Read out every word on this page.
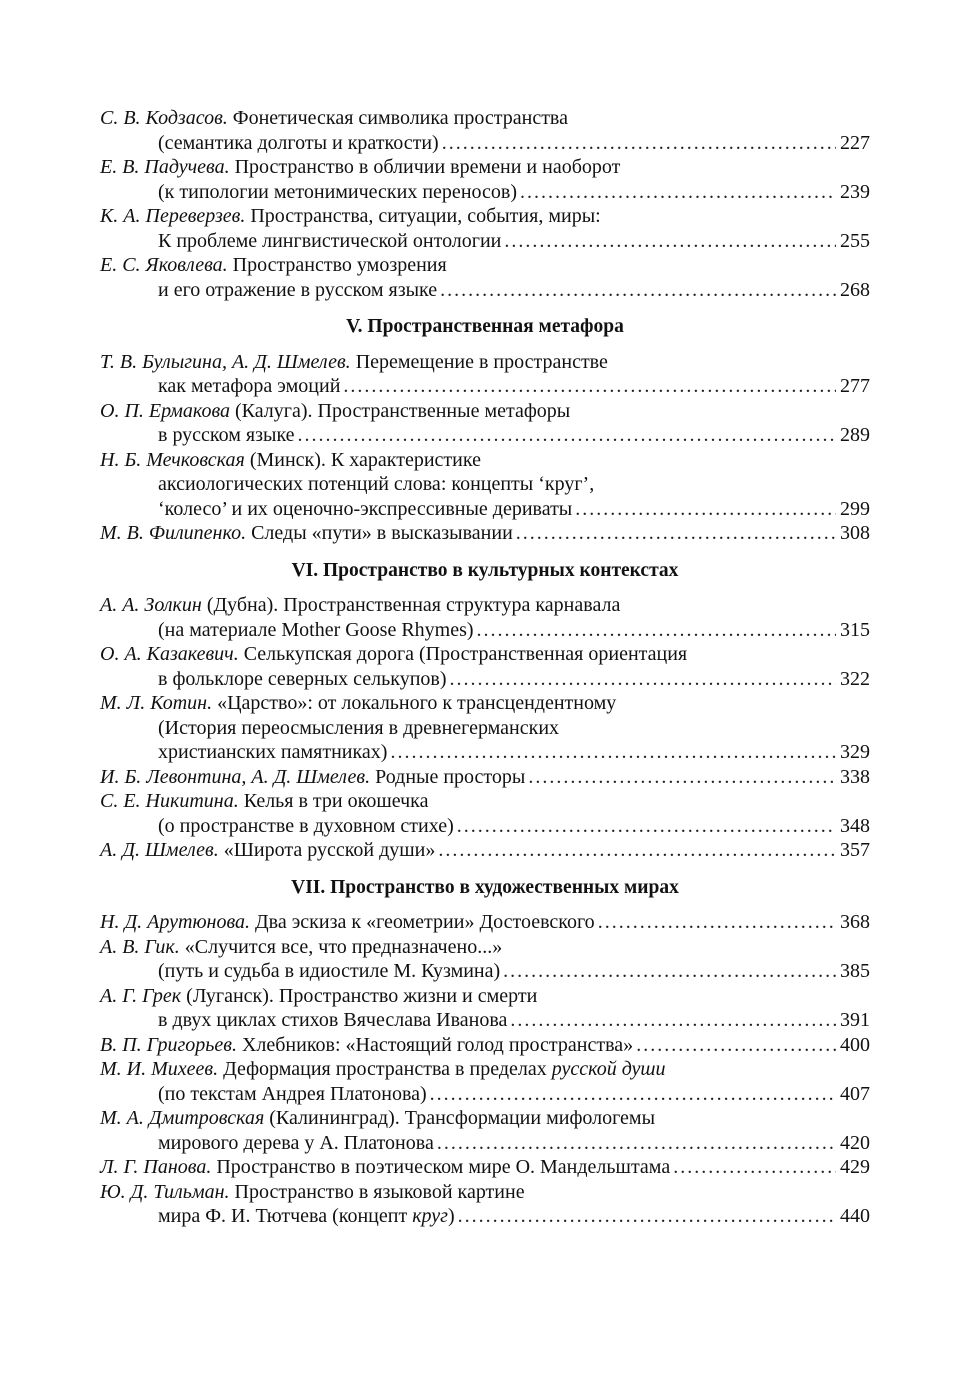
С. В. Кодзасов. Фонетическая символика пространства
(семантика долготы и краткости) .....	227
Е. В. Падучева. Пространство в обличии времени и наоборот
(к типологии метонимических переносов) .....	239
К. А. Переверзев. Пространства, ситуации, события, миры:
К проблеме лингвистической онтологии .....	255
Е. С. Яковлева. Пространство умозрения
и его отражение в русском языке .....	268
V. Пространственная метафора
Т. В. Булыгина, А. Д. Шмелев. Перемещение в пространстве
как метафора эмоций .....	277
О. П. Ермакова (Калуга). Пространственные метафоры
в русском языке .....	289
Н. Б. Мечковская (Минск). К характеристике
аксиологических потенций слова: концепты ‘круг’,
‘колесо’ и их оценочно-экспрессивные дериваты .....	299
М. В. Филипенко. Следы «пути» в высказывании .....	308
VI. Пространство в культурных контекстах
А. А. Золкин (Дубна). Пространственная структура карнавала
(на материале Mother Goose Rhymes) .....	315
О. А. Казакевич. Селькупская дорога (Пространственная ориентация
в фольклоре северных селькупов) .....	322
М. Л. Котин. «Царство»: от локального к трансцендентному
(История переосмысления в древнегерманских
христианских памятниках) .....	329
И. Б. Левонтина, А. Д. Шмелев. Родные просторы .....	338
С. Е. Никитина. Келья в три окошечка
(о пространстве в духовном стихе) .....	348
А. Д. Шмелев. «Широта русской души» .....	357
VII. Пространство в художественных мирах
Н. Д. Арутюнова. Два эскиза к «геометрии» Достоевского .....	368
А. В. Гик. «Случится все, что предназначено...»
(путь и судьба в идиостиле М. Кузмина) .....	385
А. Г. Грек (Луганск). Пространство жизни и смерти
в двух циклах стихов Вячеслава Иванова .....	391
В. П. Григорьев. Хлебников: «Настоящий голод пространства» .....	400
М. И. Михеев. Деформация пространства в пределах русской души
(по текстам Андрея Платонова) .....	407
М. А. Дмитровская (Калининград). Трансформации мифологемы
мирового дерева у А. Платонова .....	420
Л. Г. Панова. Пространство в поэтическом мире О. Мандельштама .....	429
Ю. Д. Тильман. Пространство в языковой картине
мира Ф. И. Тютчева (концепт круг) .....	440
